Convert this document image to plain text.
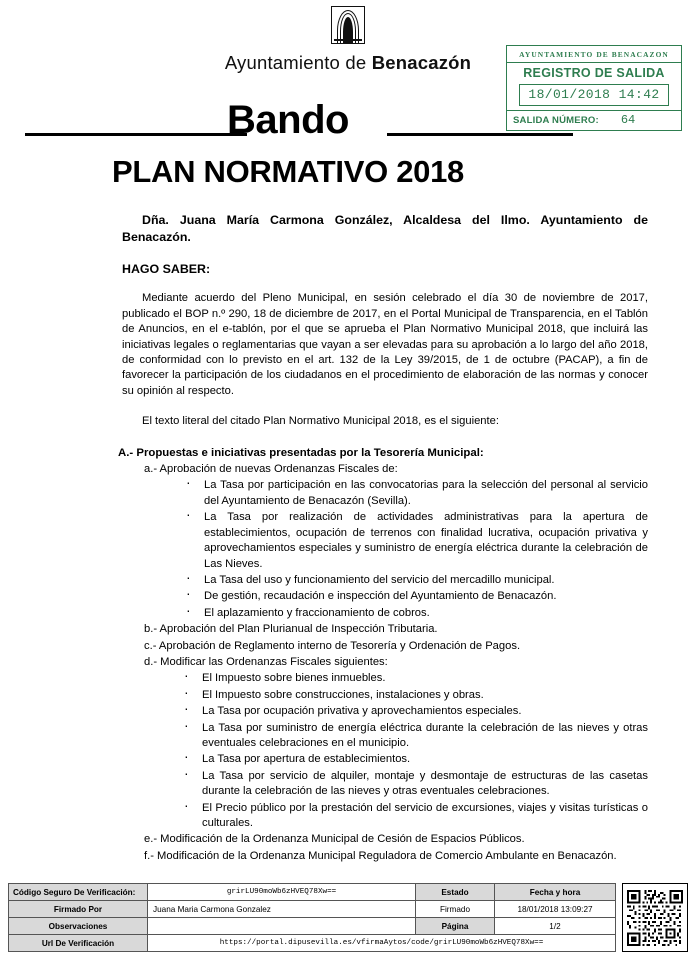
Ayuntamiento de Benacazón	AYUNTAMIENTO DE BENACAZON
REGISTRO DE SALIDA
18/01/2018 14:42
SALIDA NÚMERO: 64
Bando
PLAN NORMATIVO 2018
Dña. Juana María Carmona González, Alcaldesa del Ilmo. Ayuntamiento de Benacazón.
HAGO SABER:
Mediante acuerdo del Pleno Municipal, en sesión celebrado el día 30 de noviembre de 2017, publicado el BOP n.º 290, 18 de diciembre de 2017, en el Portal Municipal de Transparencia, en el Tablón de Anuncios, en el e-tablón, por el que se aprueba el Plan Normativo Municipal 2018, que incluirá las iniciativas legales o reglamentarias que vayan a ser elevadas para su aprobación a lo largo del año 2018, de conformidad con lo previsto en el art. 132 de la Ley 39/2015, de 1 de octubre (PACAP), a fin de favorecer la participación de los ciudadanos en el procedimiento de elaboración de las normas y conocer su opinión al respecto.
El texto literal del citado Plan Normativo Municipal 2018, es el siguiente:
A.- Propuestas e iniciativas presentadas por la Tesorería Municipal:
a.- Aprobación de nuevas Ordenanzas Fiscales de:
· La Tasa por participación en las convocatorias para la selección del personal al servicio del Ayuntamiento de Benacazón (Sevilla).
· La Tasa por realización de actividades administrativas para la apertura de establecimientos, ocupación de terrenos con finalidad lucrativa, ocupación privativa y aprovechamientos especiales y suministro de energía eléctrica durante la celebración de Las Nieves.
· La Tasa del uso y funcionamiento del servicio del mercadillo municipal.
· De gestión, recaudación e inspección del Ayuntamiento de Benacazón.
· El aplazamiento y fraccionamiento de cobros.
b.- Aprobación del Plan Plurianual de Inspección Tributaria.
c.- Aprobación de Reglamento interno de Tesorería y Ordenación de Pagos.
d.- Modificar las Ordenanzas Fiscales siguientes:
· El Impuesto sobre bienes inmuebles.
· El Impuesto sobre construcciones, instalaciones y obras.
· La Tasa por ocupación privativa y aprovechamientos especiales.
· La Tasa por suministro de energía eléctrica durante la celebración de las nieves y otras eventuales celebraciones en el municipio.
· La Tasa por apertura de establecimientos.
· La Tasa por servicio de alquiler, montaje y desmontaje de estructuras de las casetas durante la celebración de las nieves y otras eventuales celebraciones.
· El Precio público por la prestación del servicio de excursiones, viajes y visitas turísticas o culturales.
e.- Modificación de la Ordenanza Municipal de Cesión de Espacios Públicos.
f.- Modificación de la Ordenanza Municipal Reguladora de Comercio Ambulante en Benacazón.
Código Seguro De Verificación:	grirLU90moWb6zHVEQ78Xw==	Estado	Fecha y hora
Firmado Por	Juana Maria Carmona Gonzalez	Firmado	18/01/2018 13:09:27
Observaciones		Página	1/2
Url De Verificación	https://portal.dipusevilla.es/vfirmaAytos/code/grirLU90moWb6zHVEQ78Xw==		
